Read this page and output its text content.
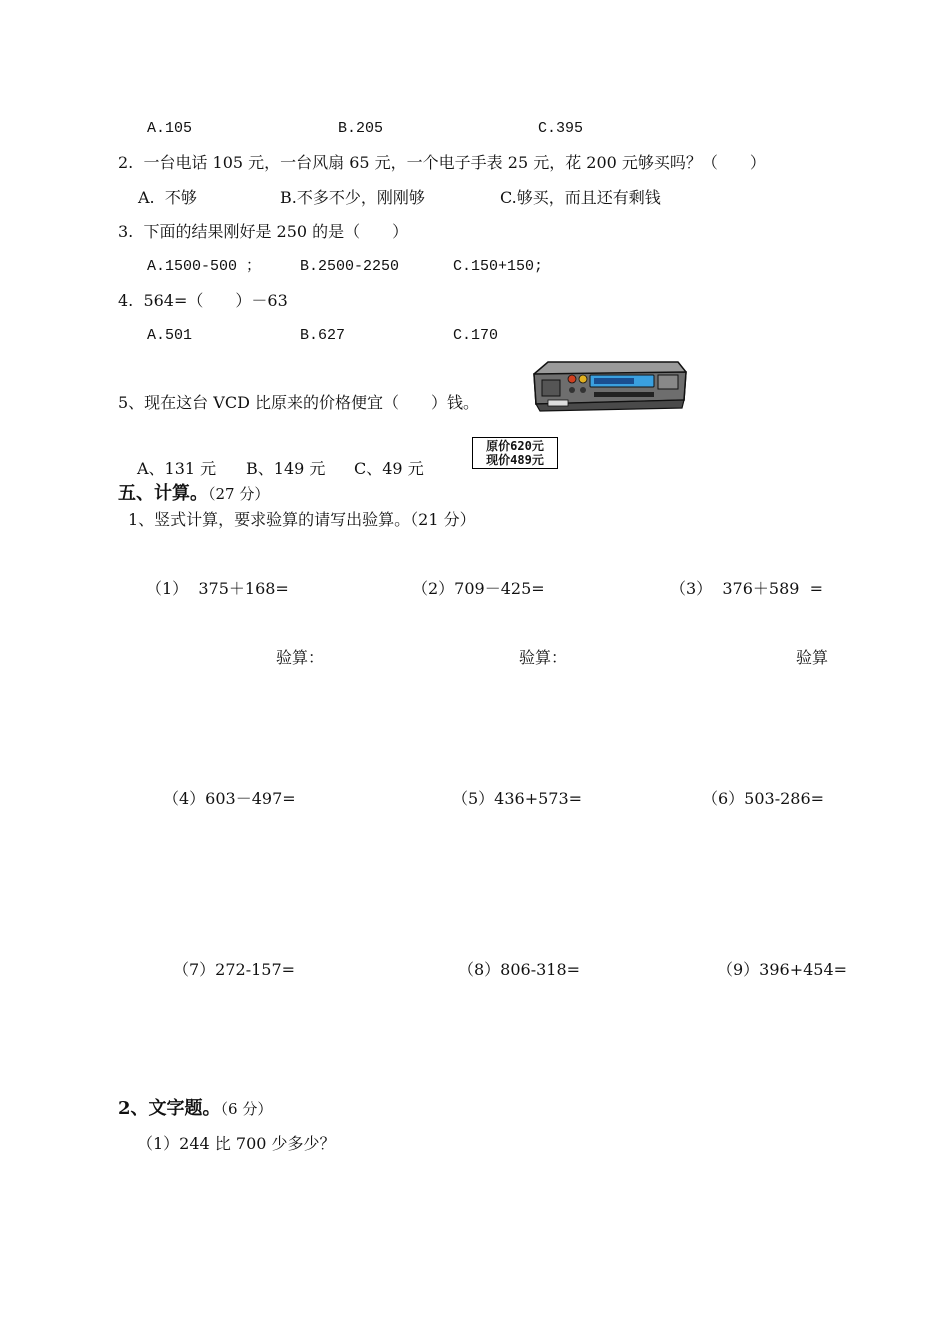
A.105	B.205	C.395
2.  一台电话 105 元，一台风扇 65 元，一个电子手表 25 元，花 200 元够买吗？（　　）
A.  不够	B.不多不少，刚刚够	C.够买，而且还有剩钱
3.  下面的结果刚好是 250 的是（　　）
A.1500-500 ；	B.2500-2250	C.150+150;
4.  564=（　　）－63
A.501	B.627	C.170
5、现在这台 VCD 比原来的价格便宜（　　）钱。
原价620元
现价489元
A、131 元 B、149 元 C、49 元
五、计算。（27 分）
1、竖式计算，要求验算的请写出验算。（21 分）
（1）  375＋168=	（2）709－425=	（3）  376＋589  =
验算：	验算：	验算
（4）603－497=	（5）436+573=	（6）503-286=
（7）272-157=	（8）806-318=	（9）396+454=
2、文字题。（6 分）
（1）244 比 700 少多少？
